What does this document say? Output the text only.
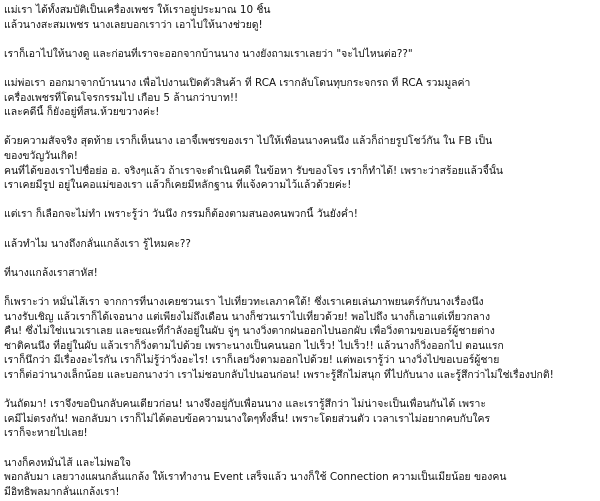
แม่เรา ได้ทั้งสมบัติเป็นเครื่องเพชร ให้เราอยู่ประมาณ 10 ชิ้น
แล้วนางสะสมเพชร นางเลยบอกเราว่า เอาไปให้นางช่วยดู!
เราก็เอาไปให้นางดู และก่อนที่เราจะออกจากบ้านนาง นางยังถามเราเลยว่า "จะไปไหนต่อ??"
แม่พ่อเรา ออกมาจากบ้านนาง เพื่อไปงานเปิดตัวสินค้า ที่ RCA เรากลับโดนทุบกระจกรถ ที่ RCA รวมมูลค่า
เครื่องเพชรที่โดนโจรกรรมไป เกือบ 5 ล้านกว่าบาท!!
และคดีนี้ ก็ยังอยู่ที่สน.ห้วยขวางค่ะ!
ด้วยความสัจจริง สุดท้าย เราก็เห็นนาง เอาจี้เพชรของเรา ไปให้เพื่อนนางคนนึง แล้วก็ถ่ายรูปโชว์กัน ใน FB เป็น
ของขวัญวันเกิด!
คนที่ได้ของเราไปชื่อย่อ อ. จริงๆแล้ว ถ้าเราจะดำเนินคดี ในข้อหา รับของโจร เราก็ทำได้! เพราะว่าสร้อยแล้วจี้นั้น
เราเคยมีรูป อยู่ในคอแม่ของเรา แล้วก็เคยมีหลักฐาน ที่แจ้งความไว้แล้วด้วยค่ะ!
แต่เรา ก็เลือกจะไม่ทำ เพราะรู้ว่า วันนึง กรรมก็ต้องตามสนองคนพวกนี้ วันยังค่ำ!
แล้วทำไม นางถึงกลั่นแกล้งเรา รู้ไหมคะ??
ที่นางแกล้งเราสาหัส!
ก็เพราะว่า หมั่นไส้เรา จากการที่นางเคยชวนเรา ไปเที่ยวทะเลภาคใต้! ซึ่งเราเคยเล่นภาพยนตร์กับนางเรื่องนึง
นางรับเชิญ แล้วเราก็ได้เจอนาง แต่เพียงไม่ถึงเดือน นางก็ชวนเราไปเที่ยวด้วย! พอไปถึง นางก็เอาแต่เที่ยวกลาง
คืน! ซึ่งไม่ใช่แนวเราเลย และขณะที่กำลังอยู่ในผับ จู่ๆ นางวิ่งตากฝนออกไปนอกผับ เพื่อวิ่งตามขอเบอร์ผู้ชายต่าง
ชาติคนนึง ที่อยู่ในผับ แล้วเราก็วิ่งตามไปด้วย เพราะนางเป็นคนนอก ไปเร็ว! ไปเร็ว!! แล้วนางก็วิ่งออกไป ตอนแรก
เราก็นึกว่า มีเรื่องอะไรกัน เราก็ไม่รู้ว่าวิ่งอะไร! เราก็เลยวิ่งตามออกไปด้วย! แต่พอเรารู้ว่า นางวิ่งไปขอเบอร์ผู้ชาย
เราก็ต่อว่านางเล็กน้อย และบอกนางว่า เราไม่ชอบกลับไปนอนก่อน! เพราะรู้สึกไม่สนุก ที่ไปกับนาง และรู้สึกว่าไม่ใช่เรื่องปกติ!
วันถัดมา! เราจึงขอบินกลับคนเดียวก่อน! นางจึงอยู่กับเพื่อนนาง และเรารู้สึกว่า ไม่น่าจะเป็นเพื่อนกันได้ เพราะ
เคมีไม่ตรงกัน! พอกลับมา เราก็ไม่ได้ตอบข้อความนางใดๆทั้งสิ้น! เพราะโดยส่วนตัว เวลาเราไม่อยากคบกับใคร
เราก็จะหายไปเลย!
นางก็คงหมั่นไส้ และไม่พอใจ
พอกลับมา เลยวางแผนกลั่นแกล้ง ให้เราทำงาน Event เสร็จแล้ว นางก็ใช้ Connection ความเป็นเมียน้อย ของคน
มีอิทธิพลมากลั่นแกล้งเรา!
